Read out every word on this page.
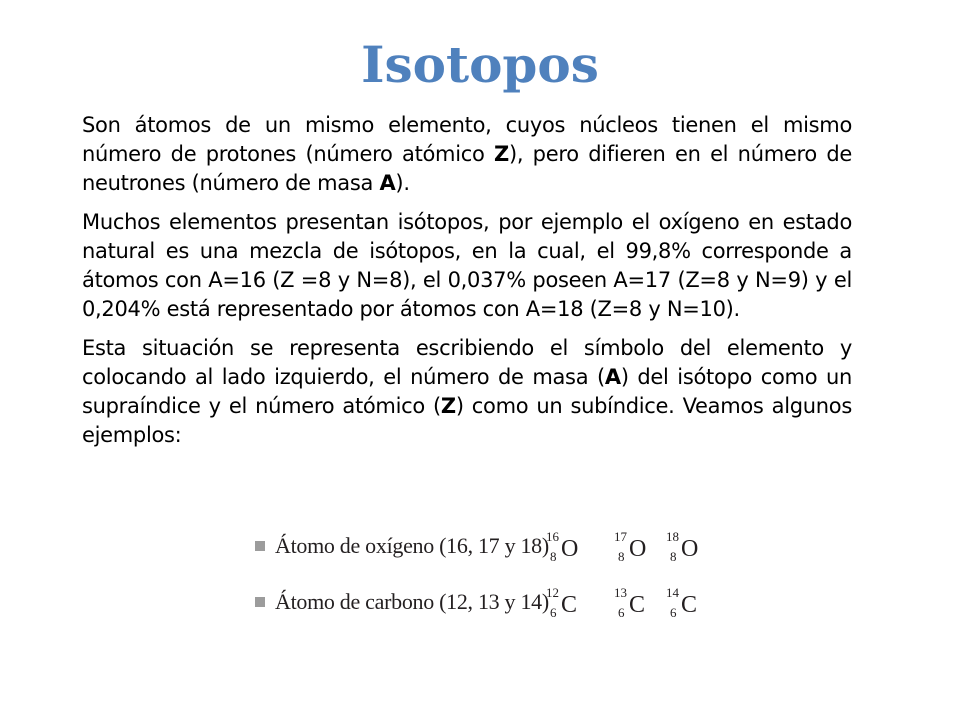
Isotopos

Son átomos de un mismo elemento, cuyos núcleos tienen el mismo número de protones (número atómico Z), pero difieren en el número de neutrones (número de masa A).

Muchos elementos presentan isótopos, por ejemplo el oxígeno en estado natural es una mezcla de isótopos, en la cual, el 99,8% corresponde a átomos con A=16 (Z =8 y N=8), el 0,037% poseen A=17 (Z=8 y N=9) y el 0,204% está representado por átomos con A=18 (Z=8 y N=10).

Esta situación se representa escribiendo el símbolo del elemento y colocando al lado izquierdo, el número de masa (A) del isótopo como un supraíndice y el número atómico (Z) como un subíndice. Veamos algunos ejemplos:

Átomo de oxígeno (16, 17 y 18)
16
8 O	17
8 O 18
8 O
Átomo de carbono (12, 13 y 14)
12
6 C	13
6 C 14
6 C
